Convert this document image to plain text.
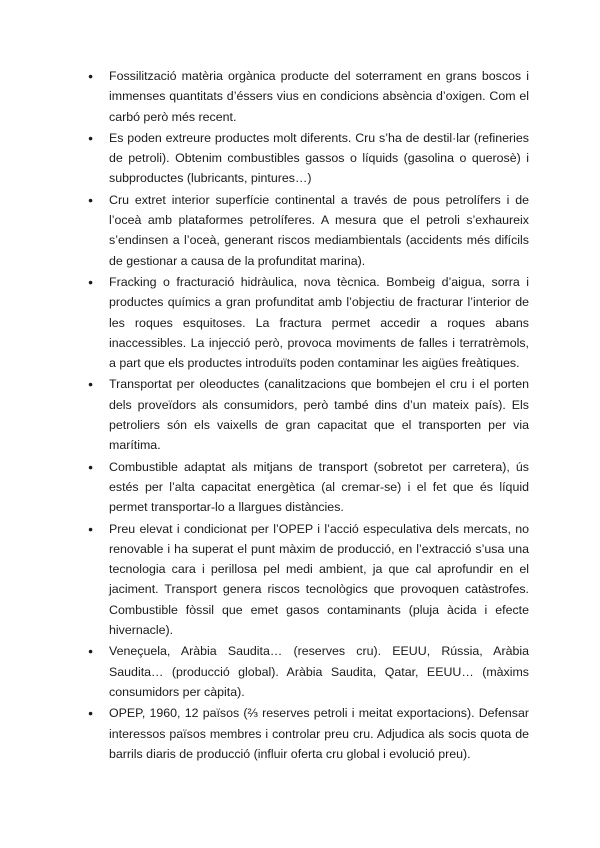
● Fossilització matèria orgànica producte del soterrament en grans boscos i immenses quantitats d’éssers vius en condicions absència d’oxigen. Com el carbó però més recent.
● Es poden extreure productes molt diferents. Cru s’ha de destil·lar (refineries de petroli). Obtenim combustibles gassos o líquids (gasolina o querosè) i subproductes (lubricants, pintures…)
● Cru extret interior superfície continental a través de pous petrolífers i de l’oceà amb plataformes petrolíferes. A mesura que el petroli s’exhaureix s’endinsen a l’oceà, generant riscos mediambientals (accidents més difícils de gestionar a causa de la profunditat marina).
● Fracking o fracturació hidràulica, nova tècnica. Bombeig d’aigua, sorra i productes químics a gran profunditat amb l’objectiu de fracturar l’interior de les roques esquitoses. La fractura permet accedir a roques abans inaccessibles. La injecció però, provoca moviments de falles i terratrèmols, a part que els productes introduïts poden contaminar les aigües freàtiques.
● Transportat per oleoductes (canalitzacions que bombejen el cru i el porten dels proveïdors als consumidors, però també dins d’un mateix país). Els petroliers són els vaixells de gran capacitat que el transporten per via marítima.
● Combustible adaptat als mitjans de transport (sobretot per carretera), ús estés per l’alta capacitat energètica (al cremar-se) i el fet que és líquid permet transportar-lo a llargues distàncies.
● Preu elevat i condicionat per l’OPEP i l’acció especulativa dels mercats, no renovable i ha superat el punt màxim de producció, en l’extracció s’usa una tecnologia cara i perillosa pel medi ambient, ja que cal aprofundir en el jaciment. Transport genera riscos tecnològics que provoquen catàstrofes. Combustible fòssil que emet gasos contaminants (pluja àcida i efecte hivernacle).
● Veneçuela, Aràbia Saudita… (reserves cru). EEUU, Rússia, Aràbia Saudita… (producció global). Aràbia Saudita, Qatar, EEUU… (màxims consumidors per càpita).
● OPEP, 1960, 12 països (⅔ reserves petroli i meitat exportacions). Defensar interessos països membres i controlar preu cru. Adjudica als socis quota de barrils diaris de producció (influir oferta cru global i evolució preu).
